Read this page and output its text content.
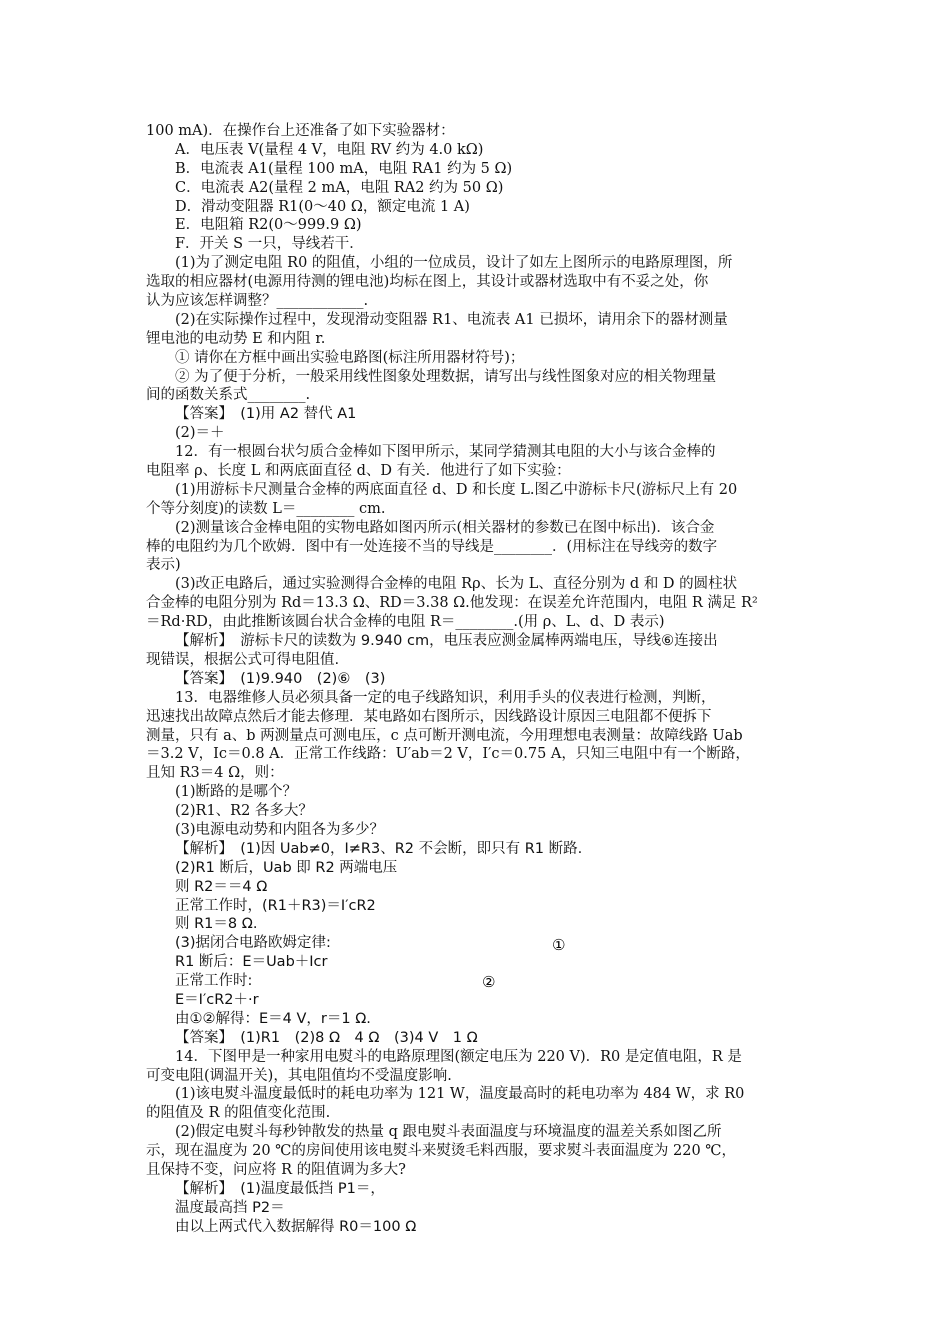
100 mA)．在操作台上还准备了如下实验器材：
A．电压表 V(量程 4 V，电阻 RV 约为 4.0 kΩ)
B．电流表 A1(量程 100 mA，电阻 RA1 约为 5 Ω)
C．电流表 A2(量程 2 mA，电阻 RA2 约为 50 Ω)
D．滑动变阻器 R1(0～40 Ω，额定电流 1 A)
E．电阻箱 R2(0～999.9 Ω)
F．开关 S 一只，导线若干．
(1)为了测定电阻 R0 的阻值，小组的一位成员，设计了如左上图所示的电路原理图，所
选取的相应器材(电源用待测的锂电池)均标在图上，其设计或器材选取中有不妥之处，你
认为应该怎样调整？____________.
(2)在实际操作过程中，发现滑动变阻器 R1、电流表 A1 已损坏，请用余下的器材测量
锂电池的电动势 E 和内阻 r.
① 请你在方框中画出实验电路图(标注所用器材符号)；
② 为了便于分析，一般采用线性图象处理数据，请写出与线性图象对应的相关物理量
间的函数关系式________.
【答案】　(1)用 A2 替代 A1
(2)＝＋
12．有一根圆台状匀质合金棒如下图甲所示，某同学猜测其电阻的大小与该合金棒的
电阻率 ρ、长度 L 和两底面直径 d、D 有关．他进行了如下实验：
(1)用游标卡尺测量合金棒的两底面直径 d、D 和长度 L.图乙中游标卡尺(游标尺上有 20
个等分刻度)的读数 L＝________ cm.
(2)测量该合金棒电阻的实物电路如图丙所示(相关器材的参数已在图中标出)．该合金
棒的电阻约为几个欧姆．图中有一处连接不当的导线是________．(用标注在导线旁的数字
表示)
(3)改正电路后，通过实验测得合金棒的电阻 Rρ、长为 L、直径分别为 d 和 D 的圆柱状
合金棒的电阻分别为 Rd＝13.3 Ω、RD＝3.38 Ω.他发现：在误差允许范围内，电阻 R 满足 R²
＝Rd·RD，由此推断该圆台状合金棒的电阻 R＝________.(用 ρ、L、d、D 表示)
【解析】　游标卡尺的读数为 9.940 cm，电压表应测金属棒两端电压，导线⑥连接出
现错误，根据公式可得电阻值.
【答案】　(1)9.940　(2)⑥　(3)
13．电器维修人员必须具备一定的电子线路知识，利用手头的仪表进行检测，判断，
迅速找出故障点然后才能去修理．某电路如右图所示，因线路设计原因三电阻都不便拆下
测量，只有 a、b 两测量点可测电压，c 点可断开测电流，今用理想电表测量：故障线路 Uab
＝3.2 V，Ic＝0.8 A．正常工作线路：U′ab＝2 V，I′c＝0.75 A，只知三电阻中有一个断路，
且知 R3＝4 Ω，则：
(1)断路的是哪个？
(2)R1、R2 各多大？
(3)电源电动势和内阻各为多少？
【解析】　(1)因 Uab≠0，I≠R3、R2 不会断，即只有 R1 断路.
(2)R1 断后，Uab 即 R2 两端电压
则 R2＝＝4 Ω
正常工作时，(R1＋R3)＝I′cR2
则 R1＝8 Ω.
(3)据闭合电路欧姆定律:
R1 断后：E＝Uab＋Icr
正常工作时:
E＝I′cR2＋·r
由①②解得：E＝4 V，r＝1 Ω.
【答案】　(1)R1　(2)8 Ω　4 Ω　(3)4 V　1 Ω
14．下图甲是一种家用电熨斗的电路原理图(额定电压为 220 V)．R0 是定值电阻，R 是
可变电阻(调温开关)，其电阻值均不受温度影响.
(1)该电熨斗温度最低时的耗电功率为 121 W，温度最高时的耗电功率为 484 W，求 R0
的阻值及 R 的阻值变化范围.
(2)假定电熨斗每秒钟散发的热量 q 跟电熨斗表面温度与环境温度的温差关系如图乙所
示，现在温度为 20 ℃的房间使用该电熨斗来熨烫毛料西服，要求熨斗表面温度为 220 ℃，
且保持不变，问应将 R 的阻值调为多大?
【解析】　(1)温度最低挡 P1＝，
温度最高挡 P2＝
由以上两式代入数据解得 R0＝100 Ω
①
②
